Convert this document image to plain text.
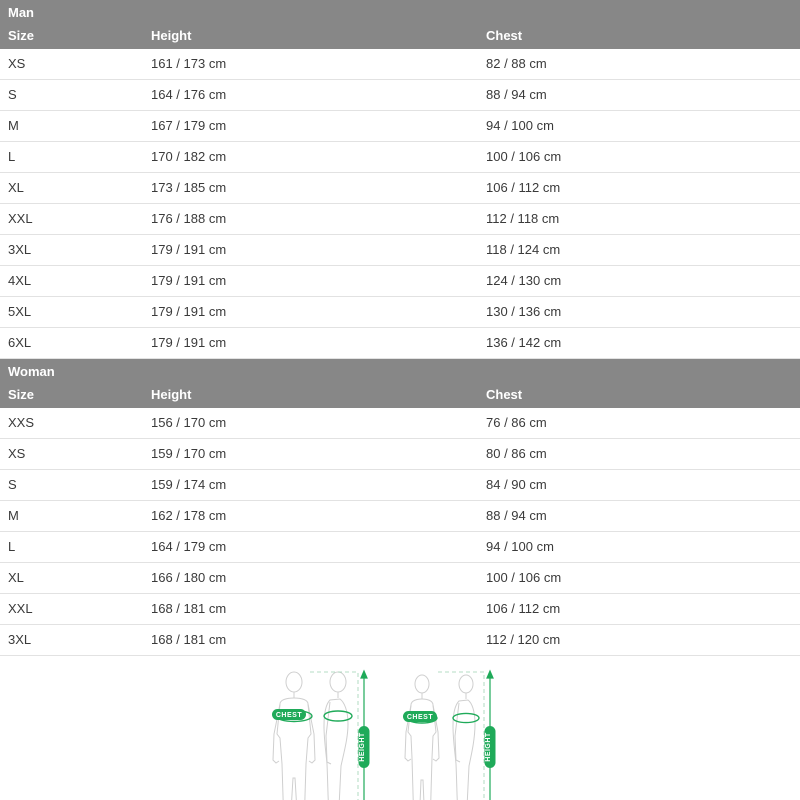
Man		
Size	Height	Chest
XS	161 / 173 cm	82 / 88 cm
S	164 / 176 cm	88 / 94 cm
M	167 / 179 cm	94 / 100 cm
L	170 / 182 cm	100 / 106 cm
XL	173 / 185 cm	106 / 112 cm
XXL	176 / 188 cm	112 / 118 cm
3XL	179 / 191 cm	118 / 124 cm
4XL	179 / 191 cm	124 / 130 cm
5XL	179 / 191 cm	130 / 136 cm
6XL	179 / 191 cm	136 / 142 cm
Woman		
Size	Height	Chest
XXS	156 / 170 cm	76 / 86 cm
XS	159 / 170 cm	80 / 86 cm
S	159 / 174 cm	84 / 90 cm
M	162 / 178 cm	88 / 94 cm
L	164 / 179 cm	94 / 100 cm
XL	166 / 180 cm	100 / 106 cm
XXL	168 / 181 cm	106 / 112 cm
3XL	168 / 181 cm	112 / 120 cm
CHEST	CHEST
HEIGHT	HEIGHT
